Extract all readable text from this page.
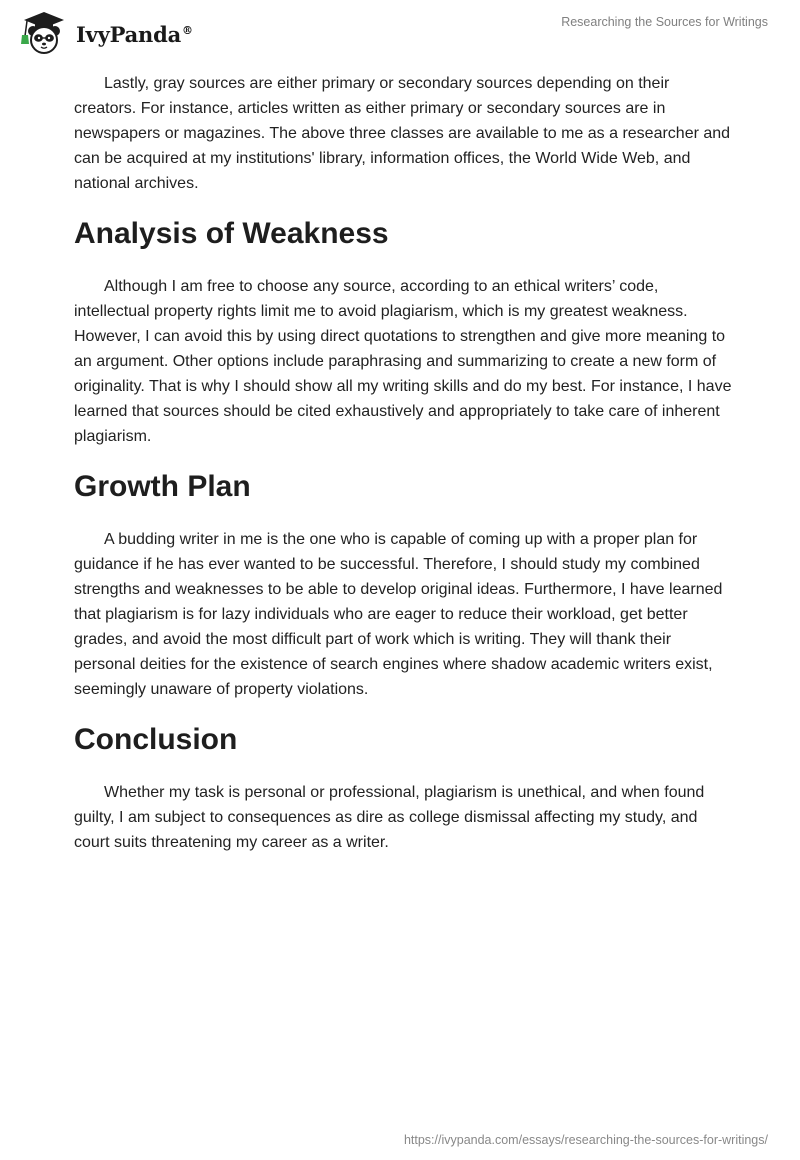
IvyPanda®
Researching the Sources for Writings

Lastly, gray sources are either primary or secondary sources depending on their creators. For instance, articles written as either primary or secondary sources are in newspapers or magazines. The above three classes are available to me as a researcher and can be acquired at my institutions' library, information offices, the World Wide Web, and national archives.

Analysis of Weakness

Although I am free to choose any source, according to an ethical writers’ code, intellectual property rights limit me to avoid plagiarism, which is my greatest weakness. However, I can avoid this by using direct quotations to strengthen and give more meaning to an argument. Other options include paraphrasing and summarizing to create a new form of originality. That is why I should show all my writing skills and do my best. For instance, I have learned that sources should be cited exhaustively and appropriately to take care of inherent plagiarism.

Growth Plan

A budding writer in me is the one who is capable of coming up with a proper plan for guidance if he has ever wanted to be successful. Therefore, I should study my combined strengths and weaknesses to be able to develop original ideas. Furthermore, I have learned that plagiarism is for lazy individuals who are eager to reduce their workload, get better grades, and avoid the most difficult part of work which is writing. They will thank their personal deities for the existence of search engines where shadow academic writers exist, seemingly unaware of property violations.

Conclusion

Whether my task is personal or professional, plagiarism is unethical, and when found guilty, I am subject to consequences as dire as college dismissal affecting my study, and court suits threatening my career as a writer.

https://ivypanda.com/essays/researching-the-sources-for-writings/
